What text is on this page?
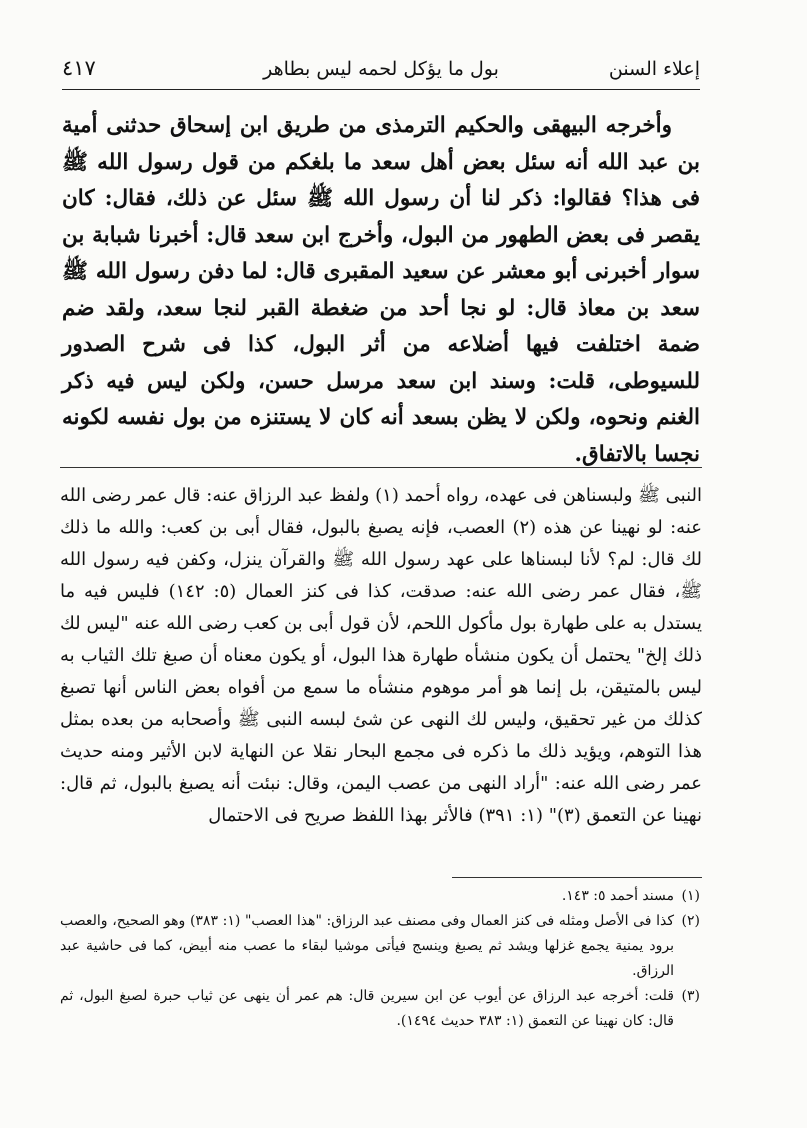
إعلاء السنن
بول ما يؤكل لحمه ليس بطاهر
٤١٧

وأخرجه البيهقى والحكيم الترمذى من طريق ابن إسحاق حدثنى أمية بن عبد الله أنه سئل بعض أهل سعد ما بلغكم من قول رسول الله ﷺ فى هذا؟ فقالوا: ذكر لنا أن رسول الله ﷺ سئل عن ذلك، فقال: كان يقصر فى بعض الطهور من البول، وأخرج ابن سعد قال: أخبرنا شبابة بن سوار أخبرنى أبو معشر عن سعيد المقبرى قال: لما دفن رسول الله ﷺ سعد بن معاذ قال: لو نجا أحد من ضغطة القبر لنجا سعد، ولقد ضم ضمة اختلفت فيها أضلاعه من أثر البول، كذا فى شرح الصدور للسيوطى، قلت: وسند ابن سعد مرسل حسن، ولكن ليس فيه ذكر الغنم ونحوه، ولكن لا يظن بسعد أنه كان لا يستنزه من بول نفسه لكونه نجسا بالاتفاق.

النبى ﷺ ولبسناهن فى عهده، رواه أحمد (١) ولفظ عبد الرزاق عنه: قال عمر رضى الله عنه: لو نهينا عن هذه (٢) العصب، فإنه يصبغ بالبول، فقال أبى بن كعب: والله ما ذلك لك قال: لم؟ لأنا لبسناها على عهد رسول الله ﷺ والقرآن ينزل، وكفن فيه رسول الله ﷺ، فقال عمر رضى الله عنه: صدقت، كذا فى كنز العمال (٥: ١٤٢) فليس فيه ما يستدل به على طهارة بول مأكول اللحم، لأن قول أبى بن كعب رضى الله عنه "ليس لك ذلك إلخ" يحتمل أن يكون منشأه طهارة هذا البول، أو يكون معناه أن صبغ تلك الثياب به ليس بالمتيقن، بل إنما هو أمر موهوم منشأه ما سمع من أفواه بعض الناس أنها تصبغ كذلك من غير تحقيق، وليس لك النهى عن شئ لبسه النبى ﷺ وأصحابه من بعده بمثل هذا التوهم، ويؤيد ذلك ما ذكره فى مجمع البحار نقلا عن النهاية لابن الأثير ومنه حديث عمر رضى الله عنه: "أراد النهى من عصب اليمن، وقال: نبئت أنه يصبغ بالبول، ثم قال: نهينا عن التعمق (٣)" (١: ٣٩١) فالأثر بهذا اللفظ صريح فى الاحتمال

(١)مسند أحمد ٥: ١٤٣.

(٢)كذا فى الأصل ومثله فى كنز العمال وفى مصنف عبد الرزاق: "هذا العصب" (١: ٣٨٣) وهو الصحيح، والعصب برود يمنية يجمع غزلها ويشد ثم يصبغ وينسج فيأتى موشيا لبقاء ما عصب منه أبيض، كما فى حاشية عبد الرزاق.

(٣)قلت: أخرجه عبد الرزاق عن أيوب عن ابن سيرين قال: هم عمر أن ينهى عن ثياب حبرة لصبغ البول، ثم قال: كان نهينا عن التعمق (١: ٣٨٣ حديث ١٤٩٤).
